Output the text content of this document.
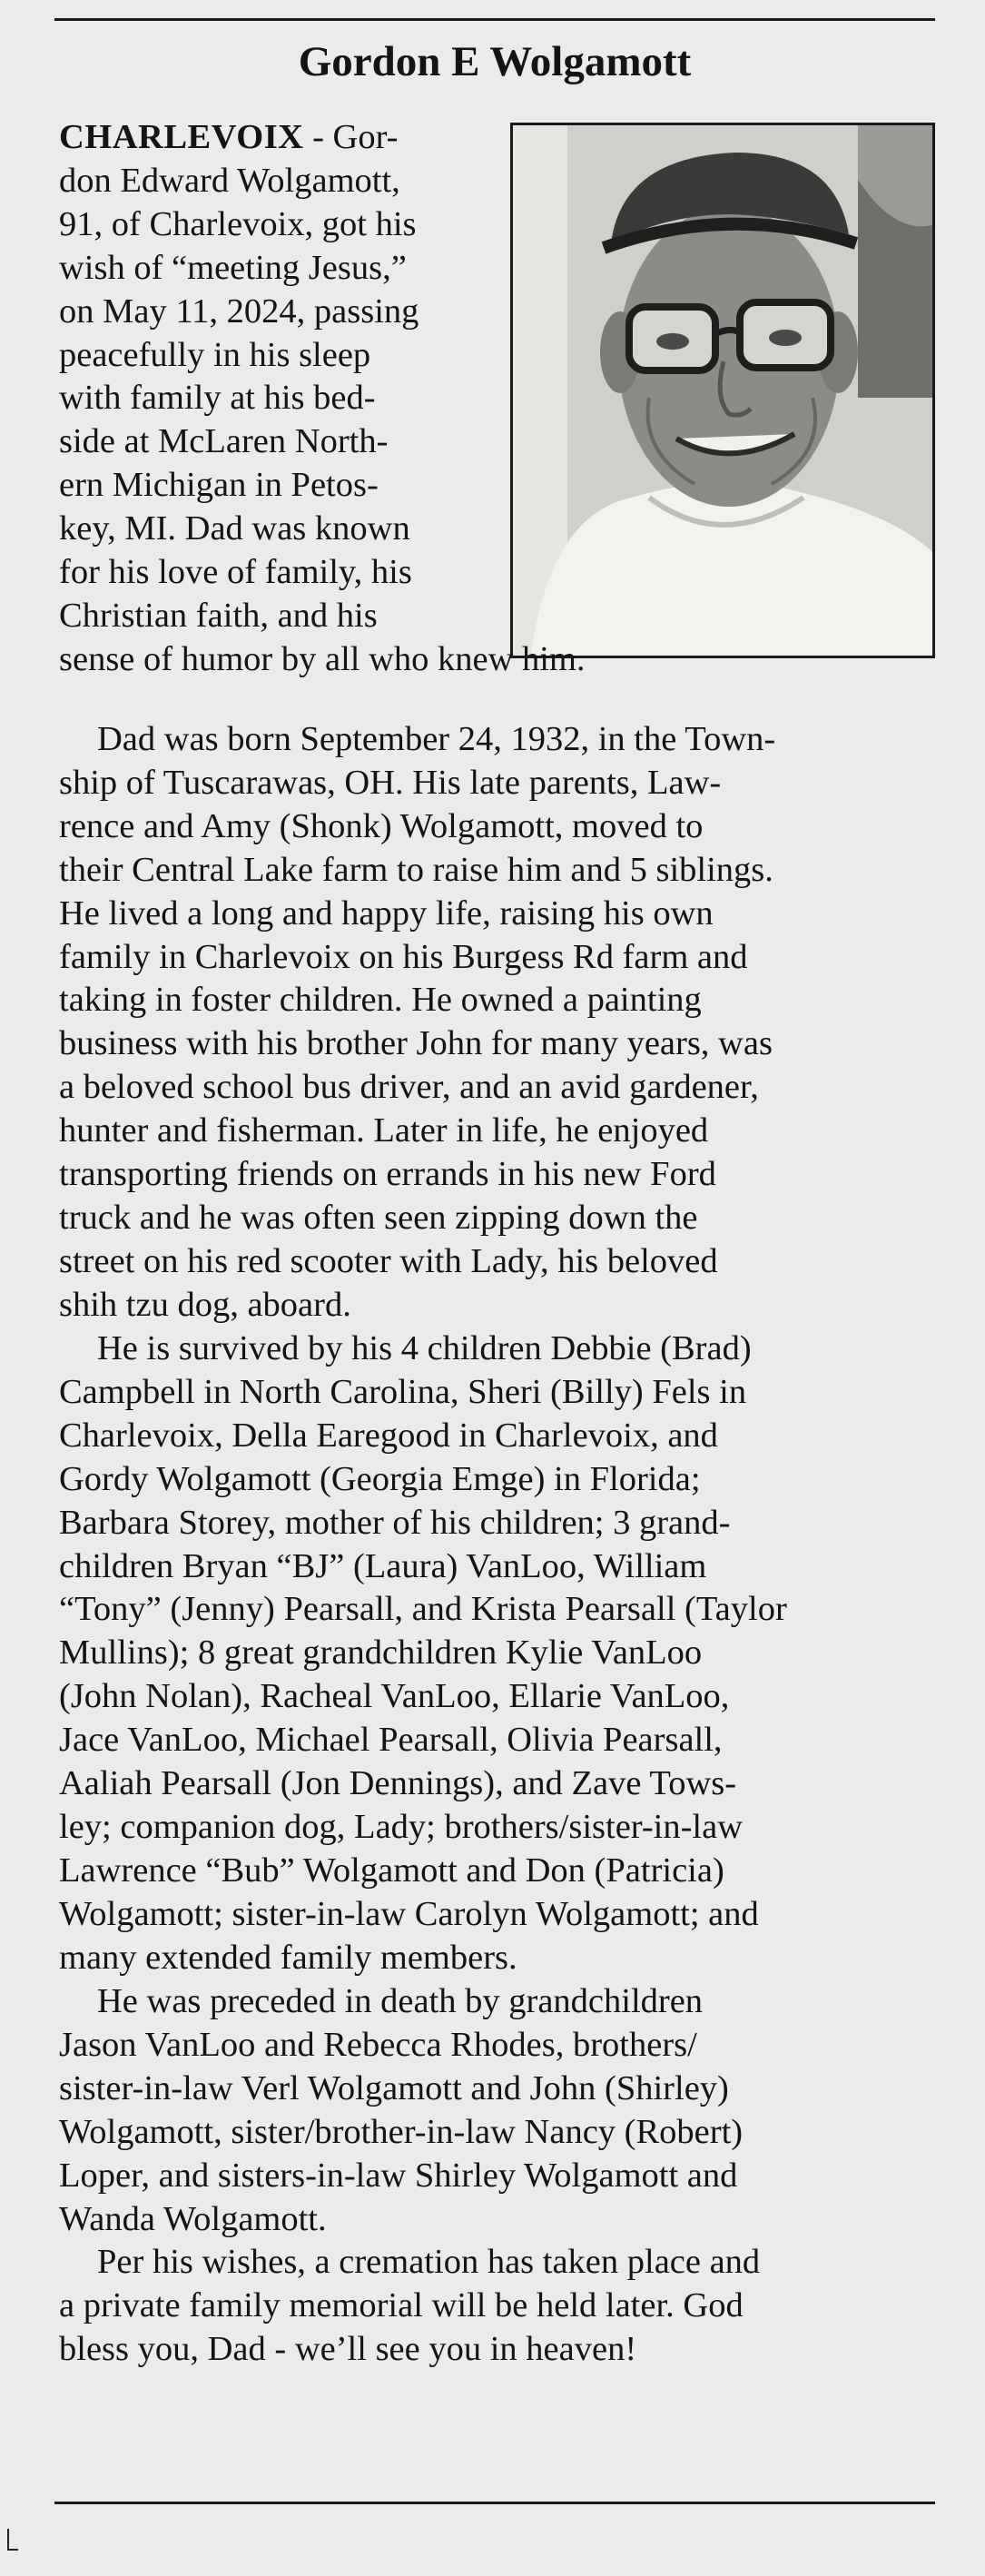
Gordon E Wolgamott
CHARLEVOIX - Gor-
don Edward Wolgamott,
91, of Charlevoix, got his
wish of “meeting Jesus,”
on May 11, 2024, passing
peacefully in his sleep
with family at his bed-
side at McLaren North-
ern Michigan in Petos-
key, MI. Dad was known
for his love of family, his
Christian faith, and his
sense of humor by all who knew him.
Dad was born September 24, 1932, in the Town-
ship of Tuscarawas, OH. His late parents, Law-
rence and Amy (Shonk) Wolgamott, moved to
their Central Lake farm to raise him and 5 siblings.
He lived a long and happy life, raising his own
family in Charlevoix on his Burgess Rd farm and
taking in foster children. He owned a painting
business with his brother John for many years, was
a beloved school bus driver, and an avid gardener,
hunter and fisherman. Later in life, he enjoyed
transporting friends on errands in his new Ford
truck and he was often seen zipping down the
street on his red scooter with Lady, his beloved
shih tzu dog, aboard.
He is survived by his 4 children Debbie (Brad)
Campbell in North Carolina, Sheri (Billy) Fels in
Charlevoix, Della Earegood in Charlevoix, and
Gordy Wolgamott (Georgia Emge) in Florida;
Barbara Storey, mother of his children; 3 grand-
children Bryan “BJ” (Laura) VanLoo, William
“Tony” (Jenny) Pearsall, and Krista Pearsall (Taylor
Mullins); 8 great grandchildren Kylie VanLoo
(John Nolan), Racheal VanLoo, Ellarie VanLoo,
Jace VanLoo, Michael Pearsall, Olivia Pearsall,
Aaliah Pearsall (Jon Dennings), and Zave Tows-
ley; companion dog, Lady; brothers/sister-in-law
Lawrence “Bub” Wolgamott and Don (Patricia)
Wolgamott; sister-in-law Carolyn Wolgamott; and
many extended family members.
He was preceded in death by grandchildren
Jason VanLoo and Rebecca Rhodes, brothers/
sister-in-law Verl Wolgamott and John (Shirley)
Wolgamott, sister/brother-in-law Nancy (Robert)
Loper, and sisters-in-law Shirley Wolgamott and
Wanda Wolgamott.
Per his wishes, a cremation has taken place and
a private family memorial will be held later. God
bless you, Dad - we’ll see you in heaven!
